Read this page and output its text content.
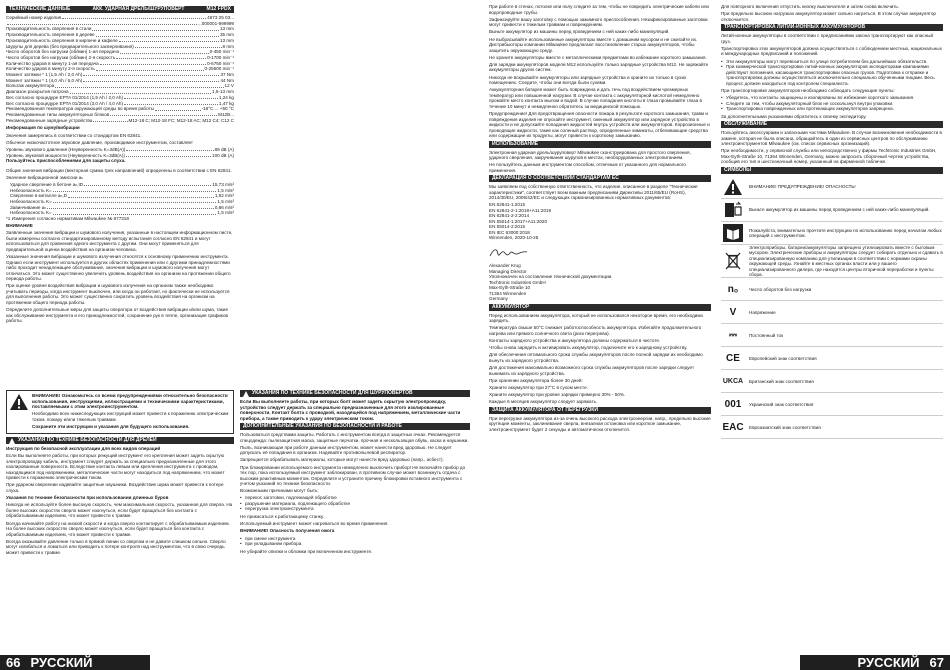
ТЕХНИЧЕСКИЕ ДАННЫЕ	АКК. УДАРНАЯ ДРЕЛЬ/ШУРУПОВЕРТ	M12 FPDX
Серийный номер изделия	4673 25 03...
...000001-999999
Производительность сверления в стали	13 mm
Производительность сверления в дереве	35 mm
Производительность сверления в кирпиче и кафеле	13 mm
Шурупы для дерева (без предварительного засверливания)	8 mm
Число оборотов без нагрузки (об/мин) 1-ая передача	0-450 min⁻¹
Число оборотов без нагрузки (об/мин) 2-я скорость	0-1700 min⁻¹
Количество ударов в минуту 1-ая передача	0-6750 min⁻¹
Количество ударов в минуту 2-я скорость	0-25500 min⁻¹
Момент затяжки * 1 (1,5 Ah / 2,0 Ah)	37 Nm
Момент затяжки * 1 (4,0 Ah / 6,0 Ah)	44 Nm
Вольтаж аккумулятора	12 V
Диапазон раскрытия патрона	1,5-13 mm
Вес согласно процедуре EPTA 01/2014 (1,5 Ah / 2,0 Ah)	1,24 kg
Вес согласно процедуре EPTA 01/2014 (3,0 Ah / 4,0 Ah)	1,47 kg
Рекомендованная температура окружающей среды во время работы	-18°C ... +50 °C
Рекомендованные типы аккумуляторных блоков	M12B...
Рекомендованные зарядные устройства	M12-18 C; M12-18 FC; M12-18 AC; M12 C4; C12 C

Информация по шуму/вибрации

Значения замерялись в соответствии со стандартом EN 62841.

Обычное низкочастотное звуковое давление, производимое инструментом, составляет

Уровень звукового давления (Неуверенность K=3dB(A))	89 dB (A)
Уровень звуковой мощности (Неуверенность K=3dB(A))	100 dB (A)

Пользуйтесь приспособлениями для защиты слуха.

Общие значения вибрации (векторная сумма трех направлений) определены в соответствии с EN 62841.

Значение вибрационной эмиссии aₕ

Ударное сверление в бетоне aₕ,ID	15,73 m/s²
Небезопасность K=	1,5 m/s²
Сверление в металле aₕ,D	1,92 m/s²
Небезопасность K=	1,5 m/s²
Завинчивание aₕ	0,86 m/s²
Небезопасность K=	1,5 m/s²

*1 Измерения согласно нормативам Milwaukee № 877318

ВНИМАНИЕ

Заявленные значения вибрации и шумового излучения, указанные в настоящем информационном листе, были измерены согласно стандартизированному методу испытания согласно EN 62841 и могут использоваться для сравнения одного инструмента с другим. Они могут применяться для предварительной оценки воздействия на организм человека.

Указанные значения вибрации и шумового излучения относятся к основному применению инструмента. Однако если инструмент используется в других областях применения или с другими принадлежностями либо проходит ненадлежащее обслуживание, значения вибрации и шумового излучения могут отличаться. Это может существенно увеличить уровень воздействия на организм на протяжении общего периода работы.

При оценке уровня воздействия вибрации и шумового излучения на организм также необходимо учитывать периоды, когда инструмент выключен, или когда он работает, но фактически не используется для выполнения работы. Это может существенно сократить уровень воздействия на организм на протяжении общего периода работы.

Определите дополнительные меры для защиты оператора от воздействия вибрации и/или шума, такие как обслуживание инструмента и его принадлежностей, сохранение рук в тепле, организация графиков работы.

ВНИМАНИЕ! Ознакомьтесь со всеми предупреждениями относительно безопасности использования, инструкциями, иллюстрациями и техническими характеристиками, поставляемыми с этим электроинструментом.

Необходимо всех нижеследующих инструкций может привести к поражению электрическим током, пожару и/или тяжелым травмам.

Сохраните эти инструкции и указания для будущего использования.

УКАЗАНИЯ ПО ТЕХНИКЕ БЕЗОПАСНОСТИ ДЛЯ ДРЕЛЕЙ

Инструкция по безопасной эксплуатации для всех видов операций

Если Вы выполняете работы, при которых режущий инструмент его крепления может задеть скрытую электропроводку кабель, инструмент следует держать за специально предназначенные для этого изолированные поверхности. Вследствие контакта левым или крепления инструмента с проводом, находящимся под напряжением, металлические части могут находиться под напряжением, что может привести к поражению электрическим током.

При ударном сверлении надевайте защитные наушники. Воздействие шума может привести к потере слуха.

Указания по технике безопасности при использовании длинных буров

Никогда не используйте более высокую скорость, чем максимальная скорость, указанная для сверла. На более высоких скоростях сверло может изогнуться, если будет вращаться без контакта с обрабатываемым изделием, что может привести к травме.

Всегда начинайте работу на низкой скорости и когда сверло контактирует с обрабатываемым изделием. На более высоких скоростях сверло может изогнуться, если будет вращаться без контакта с обрабатываемым изделием, что может привести к травме.

Всегда оказывайте давление только в прямой линии со сверлом и не давите слишком сильно. Сверло могут изгибаться и ломаться или приводить к потере контроля над инструментом, что в свою очередь может привести к травме.

УКАЗАНИЯ ПО ТЕХНИКЕ БЕЗОПАСНОСТИ ДЛЯ ШУРУПОВЕРТОВ

Если Вы выполняете работы, при которых болт может задеть скрытую электропроводку, устройство следует держать за специально предназначенные для этого изолированные поверхности. Контакт болта с проводкой, находящейся под напряжением, металлические части прибора, а также приводить к удару электрическим током.

ДОПОЛНИТЕЛЬНЫЕ УКАЗАНИЯ ПО БЕЗОПАСНОСТИ И РАБОТЕ

Пользоваться средствами защиты. Работать с инструментом всегда в защитных очках. Рекомендуется спецодежда: пылезащитная маска, защитные перчатки, прочная и нескользящая обувь, каска и наушники.

Пыль, возникающая при работе данным инструментом, может нанести вред здоровью. Не следует допускать её попадания в организм. Надевайте противопылевой респиратор.

Запрещается обрабатывать материалы, которые могут нанести вред здоровью (напр., асбест).

При блокировании используемого инструмента немедленно выключить прибор! Не включайте прибор до тех пор, пока используемый инструмент заблокирован, в противном случае может возникнуть отдача с высоким реактивным моментом. Определите и устраните причину блокировки вставного инструмента с учетом указаний по технике безопасности.

Возможными причинами могут быть:

• перекос заготовки, подлежащей обработке
• разрушение материала, подлежащего обработке
• перегрузка электроинструмента

Не прикасаться к работающему станку.

Используемый инструмент может нагреваться во время применения.

ВНИМАНИЕ! Опасность получения ожога

• при смене инструмента
• при укладывании прибора

Не убирайте опилки и обломки при включенном инструменте.

66 РУССКИЙ

При работе в стенах, потолке или полу следите за тем, чтобы не повредить электрические кабели или водопроводные трубы.

Зафиксируйте вашу заготовку с помощью зажимного приспособления. Незафиксированные заготовки могут привести к тяжелым травмам и повреждениям.

Выньте аккумулятор из машины перед проведением с ней каких-либо манипуляций.

Не выбрасывайте использованные аккумуляторы вместе с домашним мусором и не сжигайте их. Дистрибьюторы компании Milwaukee предлагают восстановление старых аккумуляторов, чтобы защитить окружающую среду.

Не храните аккумуляторы вместе с металлическими предметами во избежание короткого замыкания.

Для зарядки аккумуляторов модели M12 используйте только зарядные устройства M12. Не заряжайте аккумуляторы других систем.

Никогда не вскрывайте аккумуляторы или зарядные устройства и храните их только в сухих помещениях. Следите, чтобы они всегда были сухими.

Аккумуляторная батарея может быть повреждена и дать течь под воздействием чрезмерных температур или повышенной нагрузки. В случае контакта с аккумуляторной кислотой немедленно промойте место контакта мылом и водой. В случае попадания кислоты в глаза промывайте глаза в течение 10 минут и немедленно обратитесь за медицинской помощью.

Предупреждение! Для предотвращения опасности пожара в результате короткого замыкания, травм и повреждения изделия не опускайте инструмент, сменный аккумулятор или зарядное устройство в жидкости и не допускайте попадания жидкостей внутрь устройств или аккумуляторов. Коррозионные и проводящие жидкости, такие как соленый раствор, определенные химикаты, отбеливающие средства или содержащие их продукты, могут привести к короткому замыканию.

ИСПОЛЬЗОВАНИЕ

Электронная ударная дрель/шуруповерт Milwaukee сконструирована для простого сверления, ударного сверления, закручивания шурупов в местах, необорудованных электропитанием.

Не пользуйтесь данным инструментом способом, отличным от указанного для нормального применения.

ДЕКЛАРАЦИЯ О СООТВЕТСТВИИ СТАНДАРТАМ ЕС

Мы заявляем под собственную ответственность, что изделие, описанное в разделе "Технические характеристики", соответствует всем важным предписаниям Директивы 2011/65/EU (RoHS), 2014/30/EU, 2006/42/EC и следующих гармонизированных нормативных документов:

EN 62841-1:2015
EN 62841-2-1:2018+A11:2019
EN 62841-2-2:2014
EN 55014-1:2017+A11:2020
EN 55014-2:2015
EN IEC 63000:2018

Winnenden, 2020-10-25

Alexander Krug
Managing Director
Уполномочен на составление технической документации.
Techtronic Industries GmbH
Max-Eyth-Straße 10
71364 Winnenden
Germany
АККУМУЛЯТОР

Перед использованием аккумулятора, который не использовался некоторое время, его необходимо зарядить.

Температура свыше 50°C снижает работоспособность аккумулятора. Избегайте продолжительного нагрева или прямого солнечного света (риск перегрева).

Контакты зарядного устройства и аккумулятора должны содержаться в чистоте.

Чтобы снова зарядить и активировать аккумулятор, подключите его к зарядному устройству.

Для обеспечения оптимального срока службы аккумуляторов после полной зарядки их необходимо вынуть из зарядного устройства.

Для достижения максимально возможного срока службы аккумуляторов после зарядки следует вынимать из зарядного устройства.

При хранении аккумулятора более 30 дней:

Храните аккумулятор при 27°C в сухом месте.

Храните аккумулятор при уровне зарядки примерно 30% - 50%.

Каждые 6 месяцев аккумулятор следует заряжать.

ЗАЩИТА АККУМУЛЯТОРА ОТ ПЕРЕГРУЗКИ

При перегрузке аккумулятора из-за очень высокого расхода электроэнергии, напр., предельно высокие крутящие моменты, заклинивание сверла, внезапная остановка или короткое замыкание, электроинструмент будет 2 секунды и автоматически отключится.

Для повторного включения отпустить кнопку выключателя и затем снова включить.

При предельно высоких нагрузках аккумулятор может сильно нагреться. В этом случае аккумулятор отключается.

ТРАНСПОРТИРОВКА ЛИТИЙ-ИОННЫХ АККУМУЛЯТОРОВ

Литий-ионные аккумуляторы в соответствии с предписаниями закона транспортируют как опасный груз.

Транспортировка этих аккумуляторов должна осуществляться с соблюдением местных, национальных и международных предписаний и положений.

• Эти аккумуляторы могут перевозиться по улице потребителем без дальнейших обязательств.
• При коммерческой транспортировке литий-ионных аккумуляторов экспедиторами компаниями действуют положения, касающиеся транспортировки опасных грузов. Подготовка к отправке и транспортировка должны осуществляться исключительно специально обученными лицами. Весь процесс должен находиться под контролем специалиста.

При транспортировке аккумуляторов необходимо соблюдать следующие пункты:

• Убедитесь, что контакты защищены и изолированы во избежание короткого замыкания.
• Следите за тем, чтобы аккумуляторный блок не соскользнул внутри упаковки.
• Транспортировка поврежденных или протекающих аккумуляторов запрещена.

За дополнительными указаниями обратитесь к своему экспедитору.

ОБСЛУЖИВАНИЕ

Пользуйтесь аксессуарами и запасными частями Milwaukee. В случае возникновения необходимости в замене, которая не была описана, обращайтесь в один из сервисных центров по обслуживанию электроинструментов Milwaukee (см. список сервисных организаций).

При необходимости, у сервисной службы или непосредственно у фирмы Techtronic Industries GmbH, Max-Eyth-Straße 10, 71364 Winnenden, Germany, можно запросить сборочный чертеж устройства, сообщив его тип и шестизначный номер, указанный на фирменной табличке.

СИМВОЛЫ
ВНИМАНИЕ! ПРЕДУПРЕЖДЕНИЕ! ОПАСНОСТЬ!
Выньте аккумулятор из машины перед проведением с ней каких-либо манипуляций.
Пожалуйста, внимательно прочтите инструкцию по использованию перед началом любых операций с инструментом.
Электроприборы, батареи/аккумуляторы запрещено утилизировать вместе с бытовым мусором. Электрические приборы и аккумуляторы следует собирать отдельно и сдавать в специализированную компанию для утилизации в соответствии с нормами охраны окружающей среды. Узнайте в местных органах власти или у вашего специализированного дилера, где находятся центры вторичной переработки и пункты сбора.
n₀	Число оборотов без нагрузки
V	Напряжение
⎓	Постоянный ток
CE	Европейский знак соответствия
UKCA	Британский знак соответствия
001	Украинский знак соответствия
EAC	Евроазиатский знак соответствия
РУССКИЙ 67
